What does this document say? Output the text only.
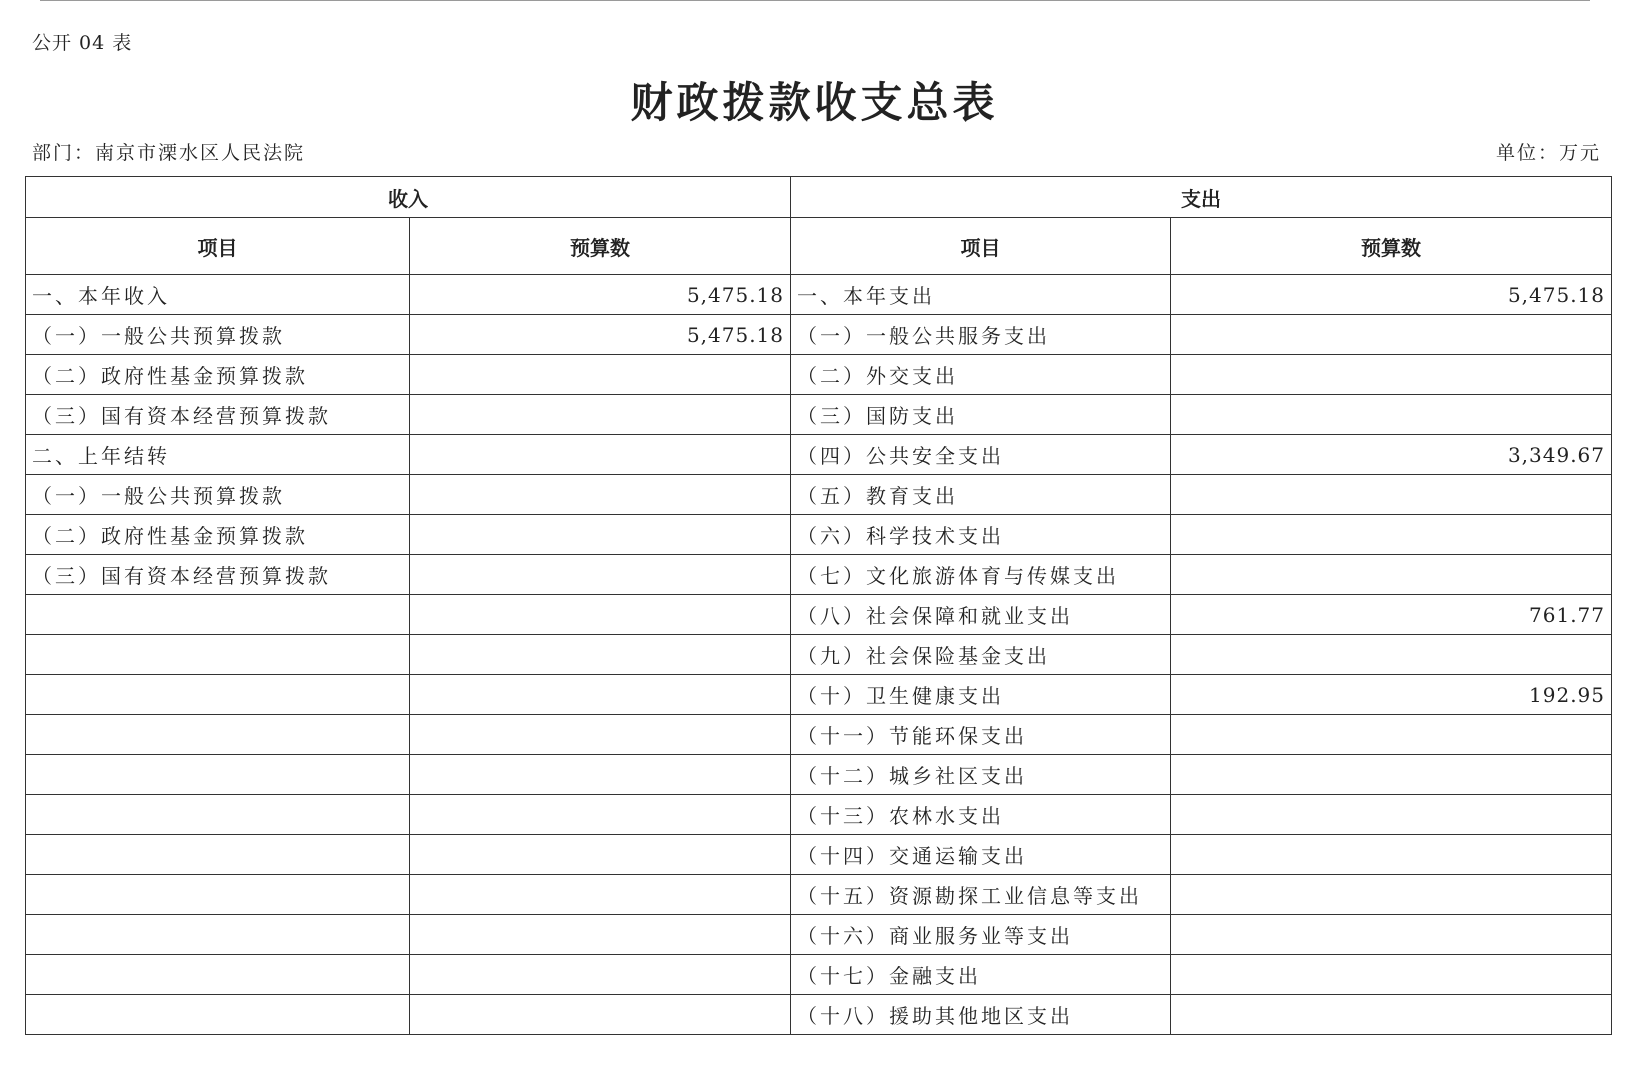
公开 04 表
财政拨款收支总表
部门：南京市溧水区人民法院	单位：万元
收入		支出	
项目	预算数	项目	预算数
一、本年收入	5,475.18	一、本年支出	5,475.18
（一）一般公共预算拨款	5,475.18	（一）一般公共服务支出	
（二）政府性基金预算拨款		（二）外交支出	
（三）国有资本经营预算拨款		（三）国防支出	
二、上年结转		（四）公共安全支出	3,349.67
（一）一般公共预算拨款		（五）教育支出	
（二）政府性基金预算拨款		（六）科学技术支出	
（三）国有资本经营预算拨款		（七）文化旅游体育与传媒支出	
		（八）社会保障和就业支出	761.77
		（九）社会保险基金支出	
		（十）卫生健康支出	192.95
		（十一）节能环保支出	
		（十二）城乡社区支出	
		（十三）农林水支出	
		（十四）交通运输支出	
		（十五）资源勘探工业信息等支出	
		（十六）商业服务业等支出	
		（十七）金融支出	
		（十八）援助其他地区支出	
